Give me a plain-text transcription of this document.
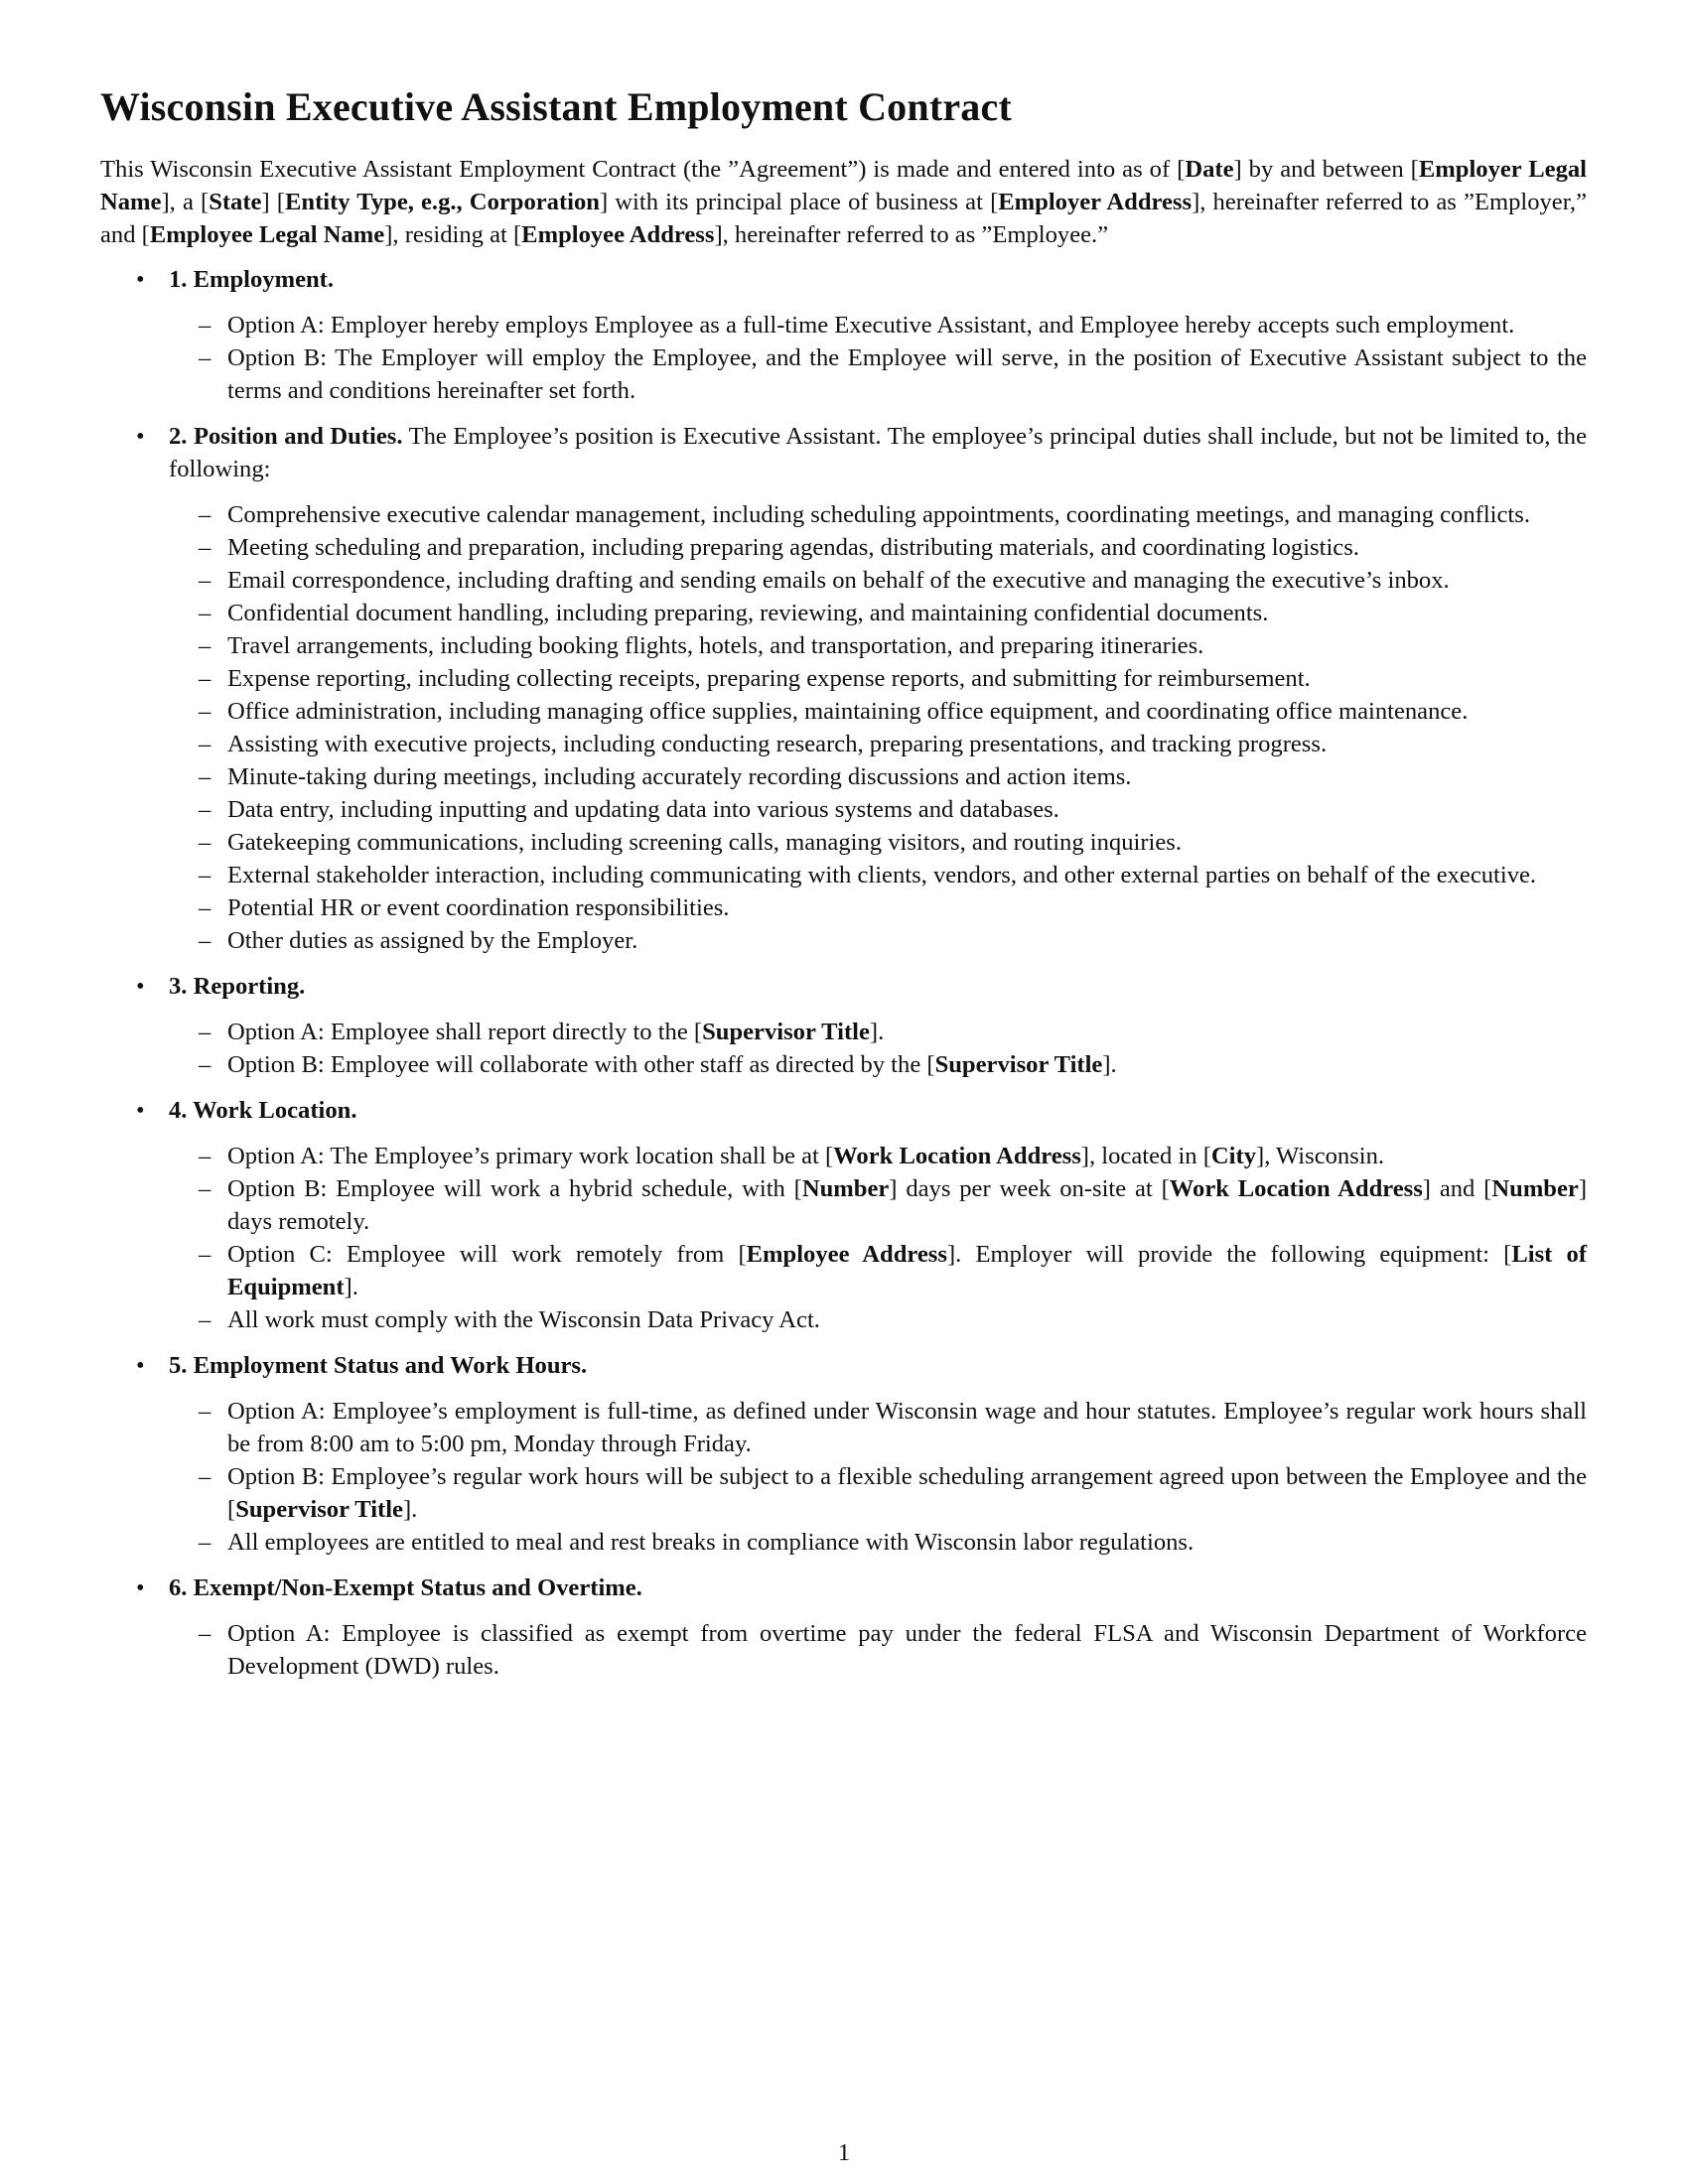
Wisconsin Executive Assistant Employment Contract

This Wisconsin Executive Assistant Employment Contract (the ”Agreement”) is made and entered into as of [Date] by and between [Employer Legal Name], a [State] [Entity Type, e.g., Corporation] with its principal place of business at [Employer Address], hereinafter referred to as ”Employer,” and [Employee Legal Name], residing at [Employee Address], hereinafter referred to as ”Employee.”

• 1. Employment.

– Option A: Employer hereby employs Employee as a full-time Executive Assistant, and Employee hereby accepts such employment.
– Option B: The Employer will employ the Employee, and the Employee will serve, in the position of Executive Assistant subject to the terms and conditions hereinafter set forth.
• 2. Position and Duties. The Employee’s position is Executive Assistant. The employee’s principal duties shall include, but not be limited to, the following:

– Comprehensive executive calendar management, including scheduling appointments, coordinating meetings, and managing conflicts.
– Meeting scheduling and preparation, including preparing agendas, distributing materials, and coordinating logistics.
– Email correspondence, including drafting and sending emails on behalf of the executive and managing the executive’s inbox.
– Confidential document handling, including preparing, reviewing, and maintaining confidential documents.
– Travel arrangements, including booking flights, hotels, and transportation, and preparing itineraries.
– Expense reporting, including collecting receipts, preparing expense reports, and submitting for reimbursement.
– Office administration, including managing office supplies, maintaining office equipment, and coordinating office maintenance.
– Assisting with executive projects, including conducting research, preparing presentations, and tracking progress.
– Minute-taking during meetings, including accurately recording discussions and action items.
– Data entry, including inputting and updating data into various systems and databases.
– Gatekeeping communications, including screening calls, managing visitors, and routing inquiries.
– External stakeholder interaction, including communicating with clients, vendors, and other external parties on behalf of the executive.
– Potential HR or event coordination responsibilities.
– Other duties as assigned by the Employer.
• 3. Reporting.

– Option A: Employee shall report directly to the [Supervisor Title].
– Option B: Employee will collaborate with other staff as directed by the [Supervisor Title].
• 4. Work Location.

– Option A: The Employee’s primary work location shall be at [Work Location Address], located in [City], Wisconsin.
– Option B: Employee will work a hybrid schedule, with [Number] days per week on-site at [Work Location Address] and [Number] days remotely.
– Option C: Employee will work remotely from [Employee Address]. Employer will provide the following equipment: [List of Equipment].
– All work must comply with the Wisconsin Data Privacy Act.
• 5. Employment Status and Work Hours.

– Option A: Employee’s employment is full-time, as defined under Wisconsin wage and hour statutes. Employee’s regular work hours shall be from 8:00 am to 5:00 pm, Monday through Friday.
– Option B: Employee’s regular work hours will be subject to a flexible scheduling arrangement agreed upon between the Employee and the [Supervisor Title].
– All employees are entitled to meal and rest breaks in compliance with Wisconsin labor regulations.
• 6. Exempt/Non-Exempt Status and Overtime.

– Option A: Employee is classified as exempt from overtime pay under the federal FLSA and Wisconsin Department of Workforce Development (DWD) rules.
1
